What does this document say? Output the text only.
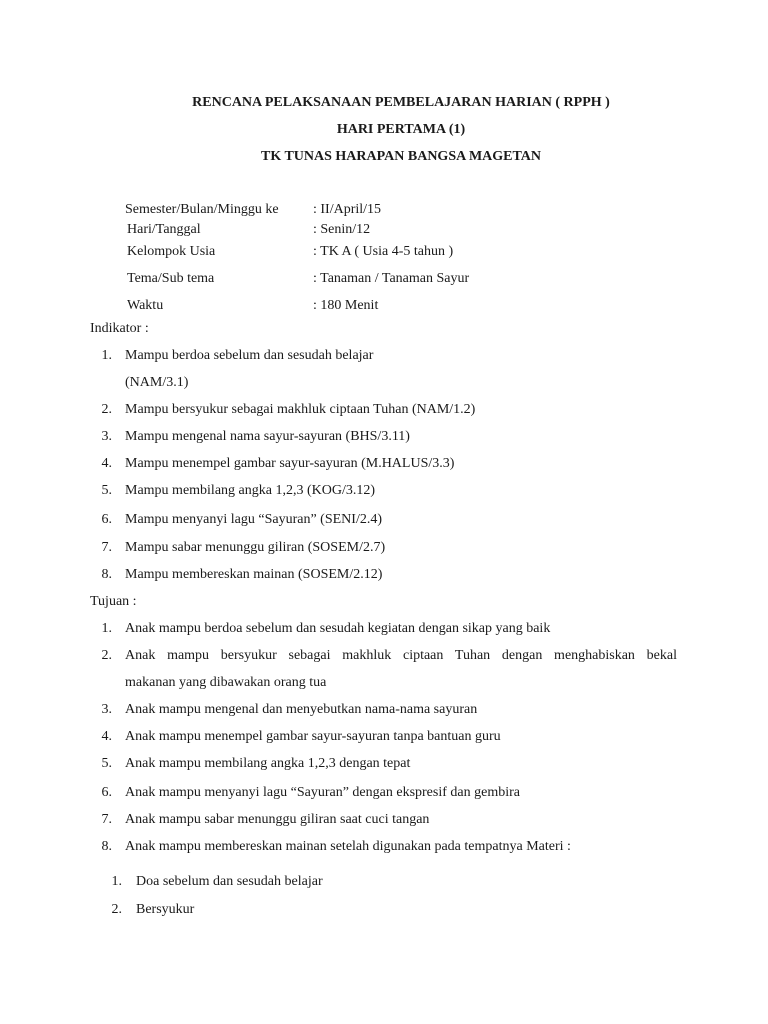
RENCANA PELAKSANAAN PEMBELAJARAN HARIAN ( RPPH )
HARI PERTAMA (1)
TK TUNAS HARAPAN BANGSA MAGETAN
Semester/Bulan/Minggu ke : II/April/15
Hari/Tanggal	: Senin/12
Kelompok Usia	: TK A ( Usia 4-5 tahun )
Tema/Sub tema	: Tanaman / Tanaman Sayur
Waktu	: 180 Menit
Indikator :
1. Mampu berdoa sebelum dan sesudah belajar
(NAM/3.1)
2. Mampu bersyukur sebagai makhluk ciptaan Tuhan (NAM/1.2)
3. Mampu mengenal nama sayur-sayuran (BHS/3.11)
4. Mampu menempel gambar sayur-sayuran (M.HALUS/3.3)
5. Mampu membilang angka 1,2,3 (KOG/3.12)
6. Mampu menyanyi lagu “Sayuran” (SENI/2.4)
7. Mampu sabar menunggu giliran (SOSEM/2.7)
8. Mampu membereskan mainan (SOSEM/2.12)
Tujuan :
1. Anak mampu berdoa sebelum dan sesudah kegiatan dengan sikap yang baik
2. Anak mampu bersyukur sebagai makhluk ciptaan Tuhan dengan menghabiskan bekal
makanan yang dibawakan orang tua
3. Anak mampu mengenal dan menyebutkan nama-nama sayuran
4. Anak mampu menempel gambar sayur-sayuran tanpa bantuan guru
5. Anak mampu membilang angka 1,2,3 dengan tepat
6. Anak mampu menyanyi lagu “Sayuran” dengan ekspresif dan gembira
7. Anak mampu sabar menunggu giliran saat cuci tangan
8. Anak mampu membereskan mainan setelah digunakan pada tempatnya Materi :
1. Doa sebelum dan sesudah belajar
2. Bersyukur
